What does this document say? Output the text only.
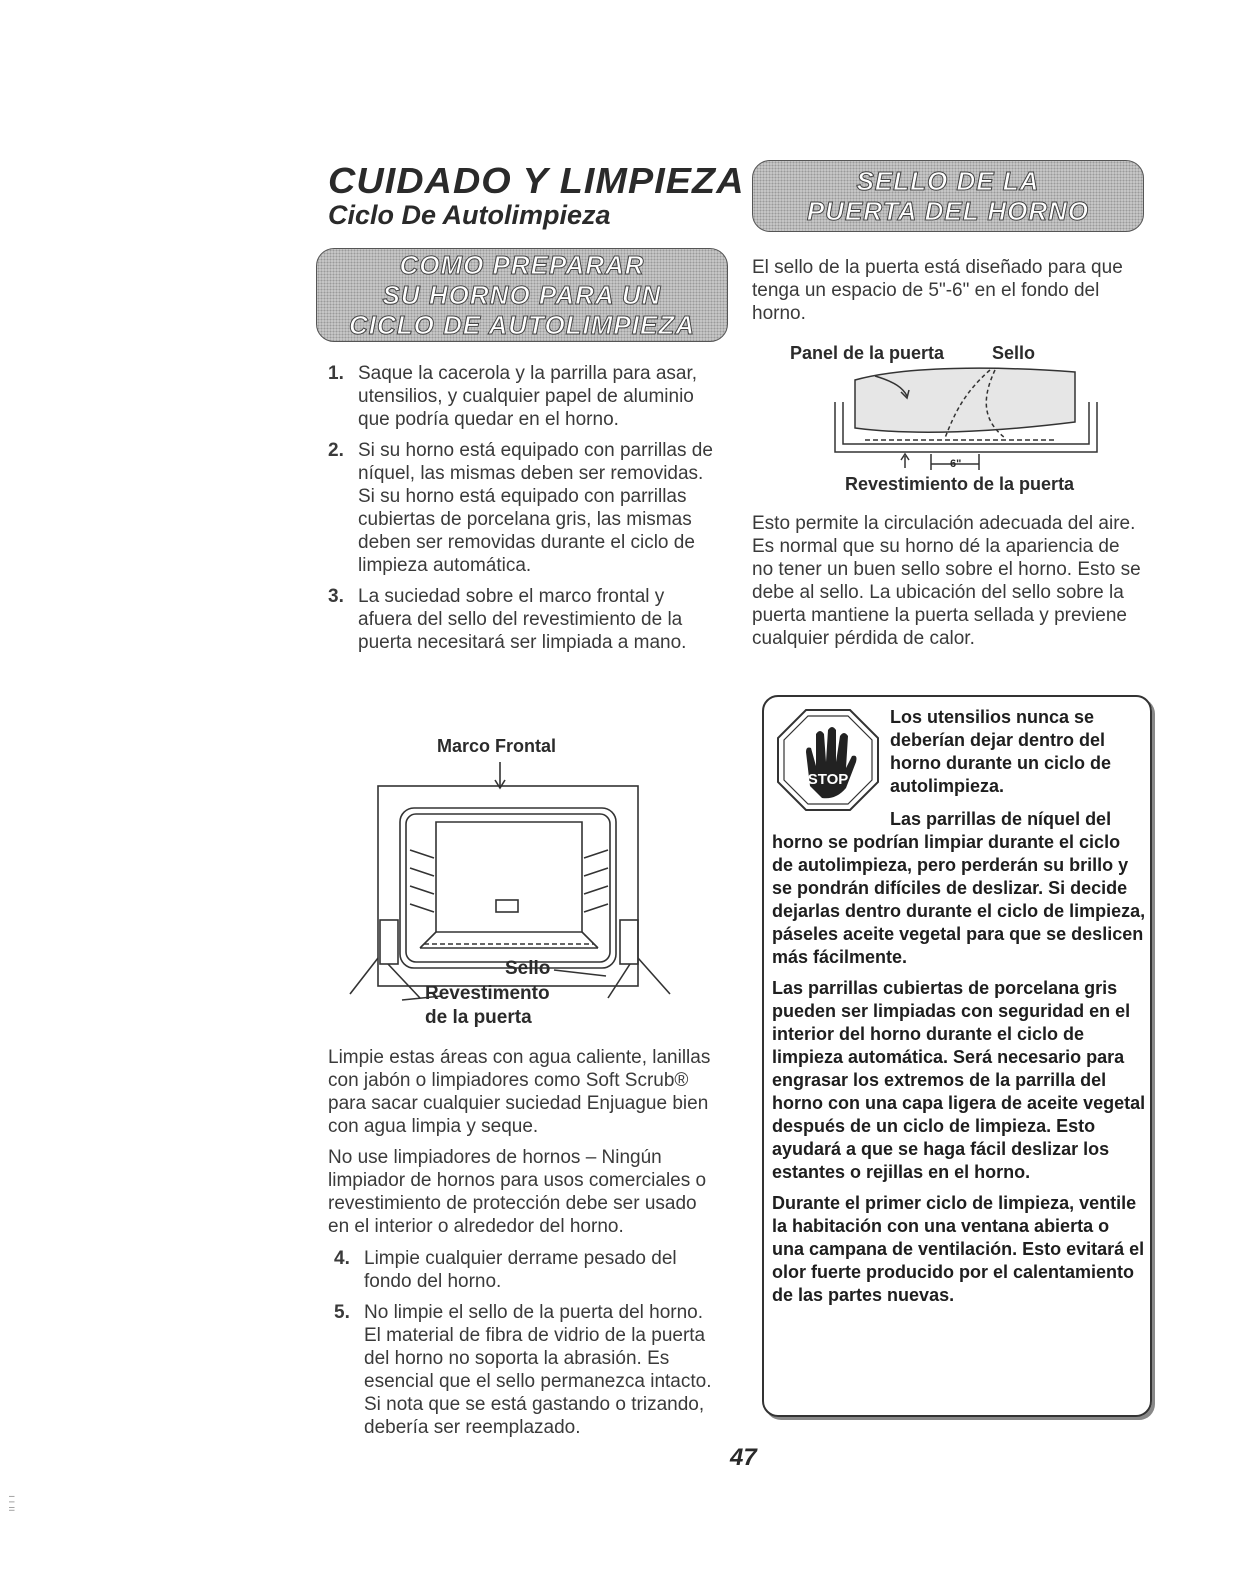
CUIDADO Y LIMPIEZA
Ciclo De Autolimpieza
COMO PREPARAR
SU HORNO PARA UN
CICLO DE AUTOLIMPIEZA
1. Saque la cacerola y la parrilla para asar, utensilios, y cualquier papel de aluminio que podría quedar en el horno.
2. Si su horno está equipado con parrillas de níquel, las mismas deben ser removidas. Si su horno está equipado con parrillas cubiertas de porcelana gris, las mismas deben ser removidas durante el ciclo de limpieza automática.
3. La suciedad sobre el marco frontal y afuera del sello del revestimiento de la puerta necesitará ser limpiada a mano.
Marco Frontal
Sello
Revestimento
de la puerta

Limpie estas áreas con agua caliente, lanillas con jabón o limpiadores como Soft Scrub® para sacar cualquier suciedad Enjuague bien con agua limpia y seque.

No use limpiadores de hornos – Ningún limpiador de hornos para usos comerciales o revestimiento de protección debe ser usado en el interior o alrededor del horno.

4. Limpie cualquier derrame pesado del fondo del horno.
5. No limpie el sello de la puerta del horno. El material de fibra de vidrio de la puerta del horno no soporta la abrasión. Es esencial que el sello permanezca intacto. Si nota que se está gastando o trizando, debería ser reemplazado.
SELLO DE LA
PUERTA DEL HORNO
El sello de la puerta está diseñado para que tenga un espacio de 5"-6" en el fondo del horno.
Panel de la puerta	Sello
6"
Revestimiento de la puerta
Esto permite la circulación adecuada del aire. Es normal que su horno dé la apariencia de no tener un buen sello sobre el horno. Esto se debe al sello. La ubicación del sello sobre la puerta mantiene la puerta sellada y previene cualquier pérdida de calor.
STOP
Los utensilios nunca se deberían dejar dentro del horno durante un ciclo de autolimpieza.

Las parrillas de níquel del horno se podrían limpiar durante el ciclo de autolimpieza, pero perderán su brillo y se pondrán difíciles de deslizar. Si decide dejarlas dentro durante el ciclo de limpieza, páseles aceite vegetal para que se deslicen más fácilmente.

Las parrillas cubiertas de porcelana gris pueden ser limpiadas con seguridad en el interior del horno durante el ciclo de limpieza automática. Será necesario para engrasar los extremos de la parrilla del horno con una capa ligera de aceite vegetal después de un ciclo de limpieza. Esto ayudará a que se haga fácil deslizar los estantes o rejillas en el horno.

Durante el primer ciclo de limpieza, ventile la habitación con una ventana abierta o una campana de ventilación. Esto evitará el olor fuerte producido por el calentamiento de las partes nuevas.

47
ı ı ıı
